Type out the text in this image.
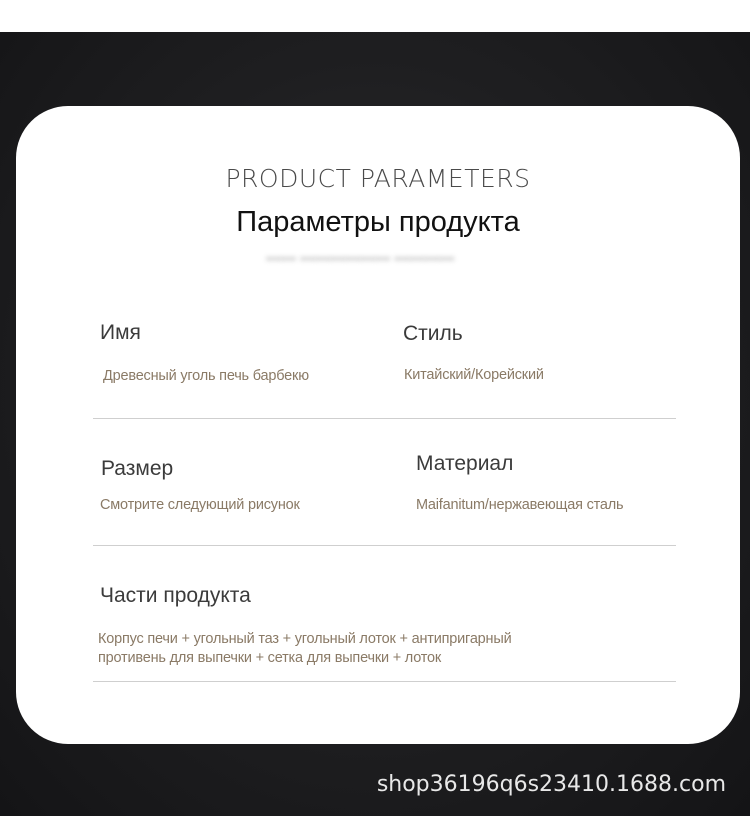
PRODUCT PARAMETERS
Параметры продукта
▬▬ ▬▬▬▬▬▬ ▬▬▬▬
Имя
Древесный уголь печь барбекю
Стиль
Китайский/Корейский
Размер
Смотрите следующий рисунок
Материал
Maifanitum/нержавеющая сталь
Части продукта
Корпус печи + угольный таз + угольный лоток + антипригарный
противень для выпечки + сетка для выпечки + лоток
shop36196q6s23410.1688.com
